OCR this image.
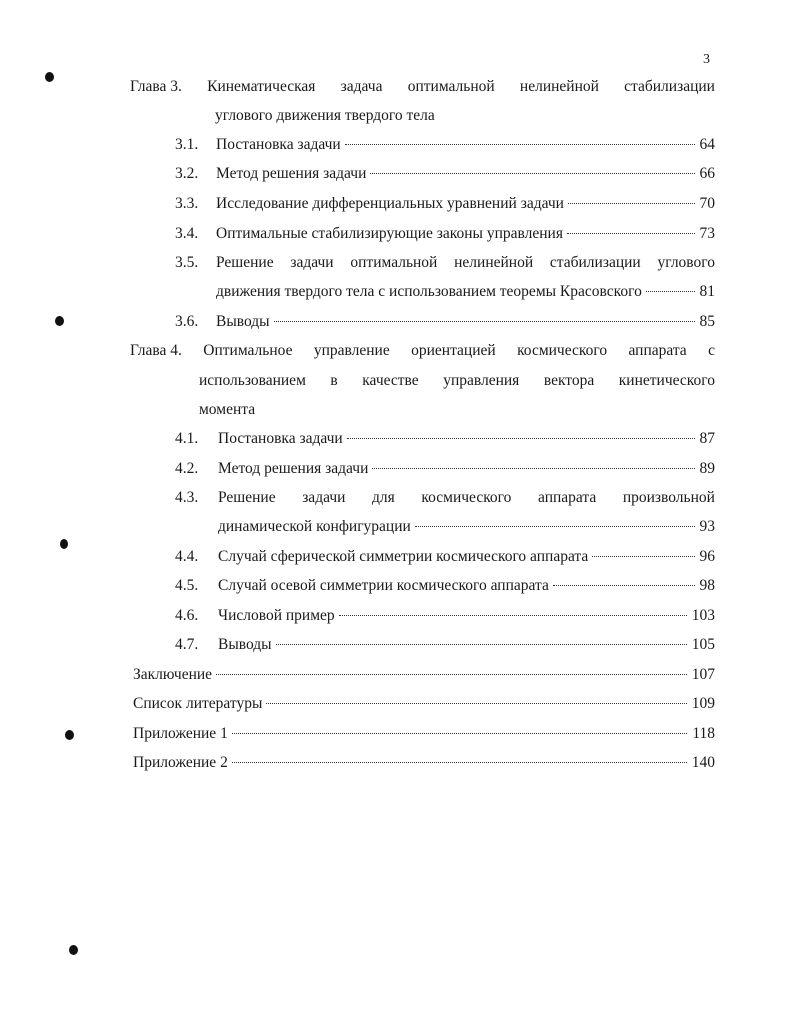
3
Глава 3. Кинематическая задача оптимальной нелинейной стабилизации
углового движения твердого тела
3.1.	Постановка задачи	64
3.2.	Метод решения задачи	66
3.3.	Исследование дифференциальных уравнений задачи	70
3.4.	Оптимальные стабилизирующие законы управления	73
3.5. Решение задачи оптимальной нелинейной стабилизации углового
движения твердого тела с использованием теоремы Красовского	81
3.6.	Выводы	85
Глава 4. Оптимальное управление ориентацией космического аппарата с
использованием в качестве управления вектора кинетического
момента
4.1.	Постановка задачи	87
4.2.	Метод решения задачи	89
4.3. Решение задачи для космического аппарата произвольной
динамической конфигурации	93
4.4.	Случай сферической симметрии космического аппарата	96
4.5.	Случай осевой симметрии космического аппарата	98
4.6.	Числовой пример	103
4.7.	Выводы	105
Заключение	107
Список литературы	109
Приложение 1	118
Приложение 2	140
